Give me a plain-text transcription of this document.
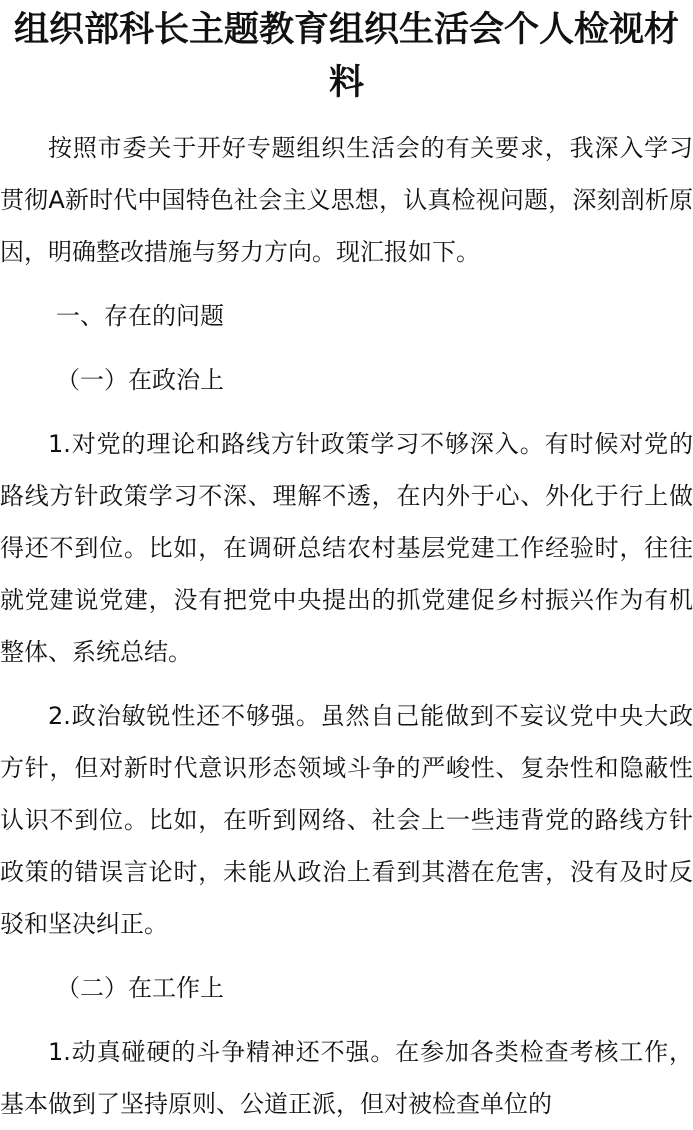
组织部科长主题教育组织生活会个人检视材料

按照市委关于开好专题组织生活会的有关要求，我深入学习贯彻A新时代中国特色社会主义思想，认真检视问题，深刻剖析原因，明确整改措施与努力方向。现汇报如下。

一、存在的问题

（一）在政治上

1.对党的理论和路线方针政策学习不够深入。有时候对党的路线方针政策学习不深、理解不透，在内外于心、外化于行上做得还不到位。比如，在调研总结农村基层党建工作经验时，往往就党建说党建，没有把党中央提出的抓党建促乡村振兴作为有机整体、系统总结。

2.政治敏锐性还不够强。虽然自己能做到不妄议党中央大政方针，但对新时代意识形态领域斗争的严峻性、复杂性和隐蔽性认识不到位。比如，在听到网络、社会上一些违背党的路线方针政策的错误言论时，未能从政治上看到其潜在危害，没有及时反驳和坚决纠正。

（二）在工作上

1.动真碰硬的斗争精神还不强。在参加各类检查考核工作，基本做到了坚持原则、公道正派，但对被检查单位的
